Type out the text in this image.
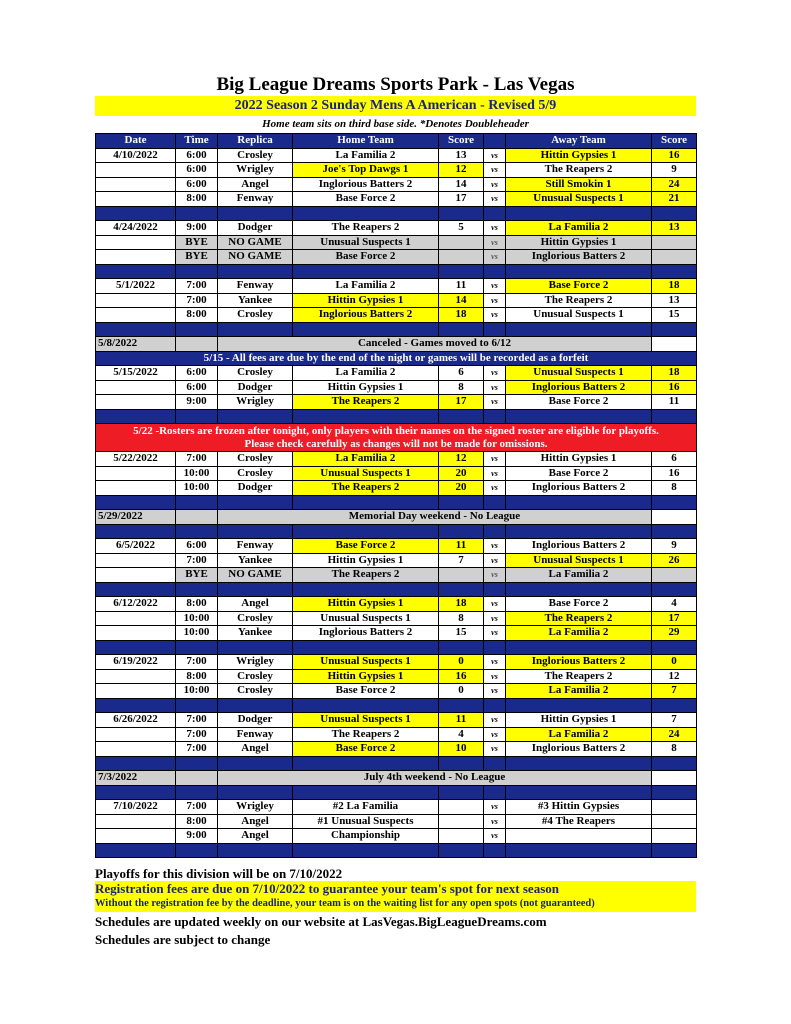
Big League Dreams Sports Park - Las Vegas
2022 Season 2 Sunday Mens A American - Revised 5/9
Home team sits on third base side. *Denotes Doubleheader
Date	Time	Replica	Home Team	Score		Away Team	Score
4/10/2022	6:00	Crosley	La Familia 2	13	vs	Hittin Gypsies 1	16
	6:00	Wrigley	Joe's Top Dawgs 1	12	vs	The Reapers 2	9
	6:00	Angel	Inglorious Batters 2	14	vs	Still Smokin 1	24
	8:00	Fenway	Base Force 2	17	vs	Unusual Suspects 1	21

4/24/2022	9:00	Dodger	The Reapers 2	5	vs	La Familia 2	13
	BYE	NO GAME	Unusual Suspects 1		vs	Hittin Gypsies 1	
	BYE	NO GAME	Base Force 2		vs	Inglorious Batters 2	

5/1/2022	7:00	Fenway	La Familia 2	11	vs	Base Force 2	18
	7:00	Yankee	Hittin Gypsies 1	14	vs	The Reapers 2	13
	8:00	Crosley	Inglorious Batters 2	18	vs	Unusual Suspects 1	15

5/8/2022		Canceled - Games moved to 6/12					
5/15 - All fees are due by the end of the night or games will be recorded as a forfeit							
5/15/2022	6:00	Crosley	La Familia 2	6	vs	Unusual Suspects 1	18
	6:00	Dodger	Hittin Gypsies 1	8	vs	Inglorious Batters 2	16
	9:00	Wrigley	The Reapers 2	17	vs	Base Force 2	11

5/22 -Rosters are frozen after tonight, only players with their names on the signed roster are eligible for playoffs.
Please check carefully as changes will not be made for omissions.							

5/22/2022	7:00	Crosley	La Familia 2	12	vs	Hittin Gypsies 1	6
	10:00	Crosley	Unusual Suspects 1	20	vs	Base Force 2	16
	10:00	Dodger	The Reapers 2	20	vs	Inglorious Batters 2	8

5/29/2022		Memorial Day weekend - No League					

6/5/2022	6:00	Fenway	Base Force 2	11	vs	Inglorious Batters 2	9
	7:00	Yankee	Hittin Gypsies 1	7	vs	Unusual Suspects 1	26
	BYE	NO GAME	The Reapers 2		vs	La Familia 2	

6/12/2022	8:00	Angel	Hittin Gypsies 1	18	vs	Base Force 2	4
	10:00	Crosley	Unusual Suspects 1	8	vs	The Reapers 2	17
	10:00	Yankee	Inglorious Batters 2	15	vs	La Familia 2	29

6/19/2022	7:00	Wrigley	Unusual Suspects 1	0	vs	Inglorious Batters 2	0
	8:00	Crosley	Hittin Gypsies 1	16	vs	The Reapers 2	12
	10:00	Crosley	Base Force 2	0	vs	La Familia 2	7

6/26/2022	7:00	Dodger	Unusual Suspects 1	11	vs	Hittin Gypsies 1	7
	7:00	Fenway	The Reapers 2	4	vs	La Familia 2	24
	7:00	Angel	Base Force 2	10	vs	Inglorious Batters 2	8

7/3/2022		July 4th weekend - No League					

7/10/2022	7:00	Wrigley	#2 La Familia		vs	#3 Hittin Gypsies	
	8:00	Angel	#1 Unusual Suspects		vs	#4 The Reapers	
	9:00	Angel	Championship		vs		

Playoffs for this division will be on 7/10/2022
Registration fees are due on 7/10/2022 to guarantee your team's spot for next season
Without the registration fee by the deadline, your team is on the waiting list for any open spots (not guaranteed)
Schedules are updated weekly on our website at LasVegas.BigLeagueDreams.com
Schedules are subject to change
